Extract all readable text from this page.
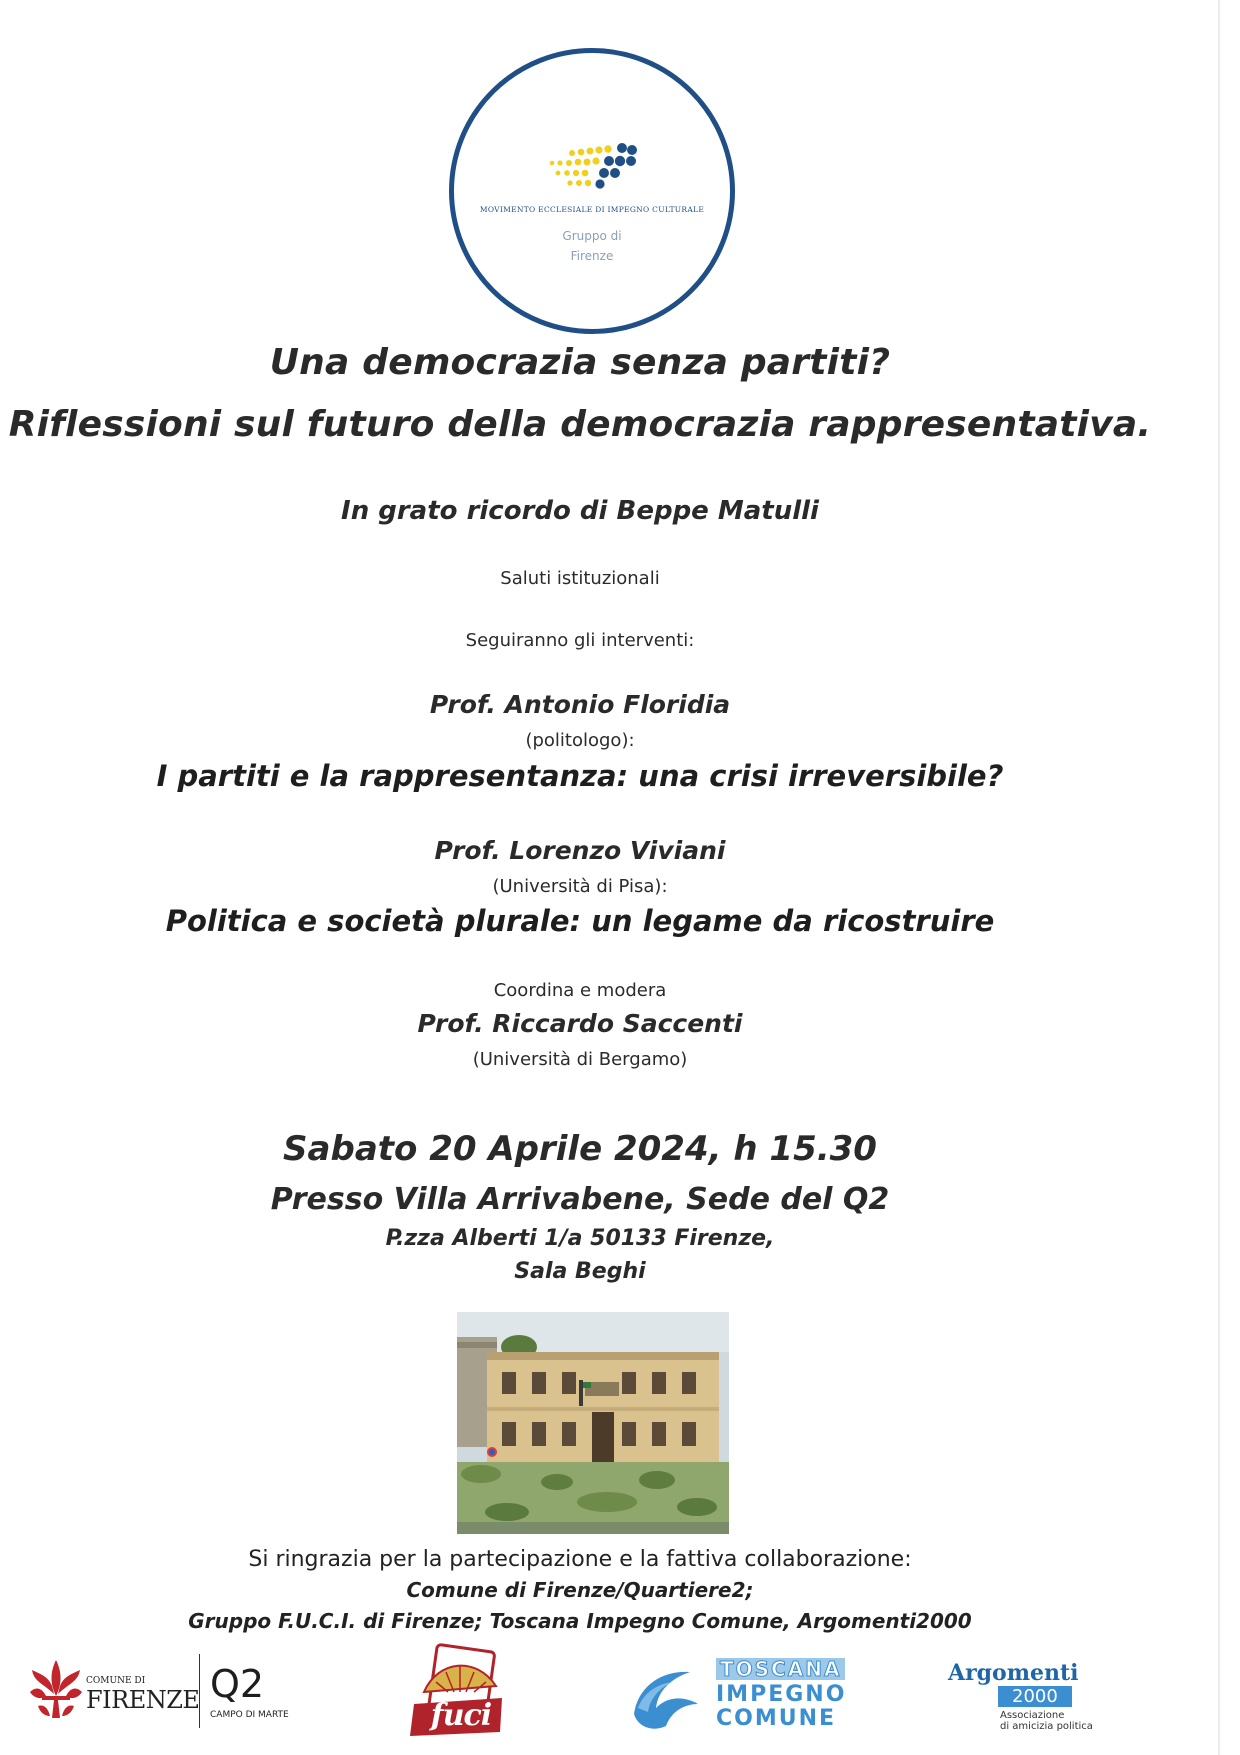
MOVIMENTO ECCLESIALE DI IMPEGNO CULTURALE
Gruppo di
Firenze
Una democrazia senza partiti?
Riflessioni sul futuro della democrazia rappresentativa.
In grato ricordo di Beppe Matulli
Saluti istituzionali
Seguiranno gli interventi:
Prof. Antonio Floridia
(politologo):
I partiti e la rappresentanza: una crisi irreversibile?
Prof. Lorenzo Viviani
(Università di Pisa):
Politica e società plurale: un legame da ricostruire
Coordina e modera
Prof. Riccardo Saccenti
(Università di Bergamo)
Sabato 20 Aprile 2024, h 15.30
Presso Villa Arrivabene, Sede del Q2
P.zza Alberti 1/a 50133 Firenze,
Sala Beghi
Si ringrazia per la partecipazione e la fattiva collaborazione:
Comune di Firenze/Quartiere2;
Gruppo F.U.C.I. di Firenze; Toscana Impegno Comune, Argomenti2000
COMUNE DI
FIRENZE Q2
CAMPO DI MARTE	fuci
TOSCANA
IMPEGNO
COMUNE
Argomenti
2000
Associazione
di amicizia politica
